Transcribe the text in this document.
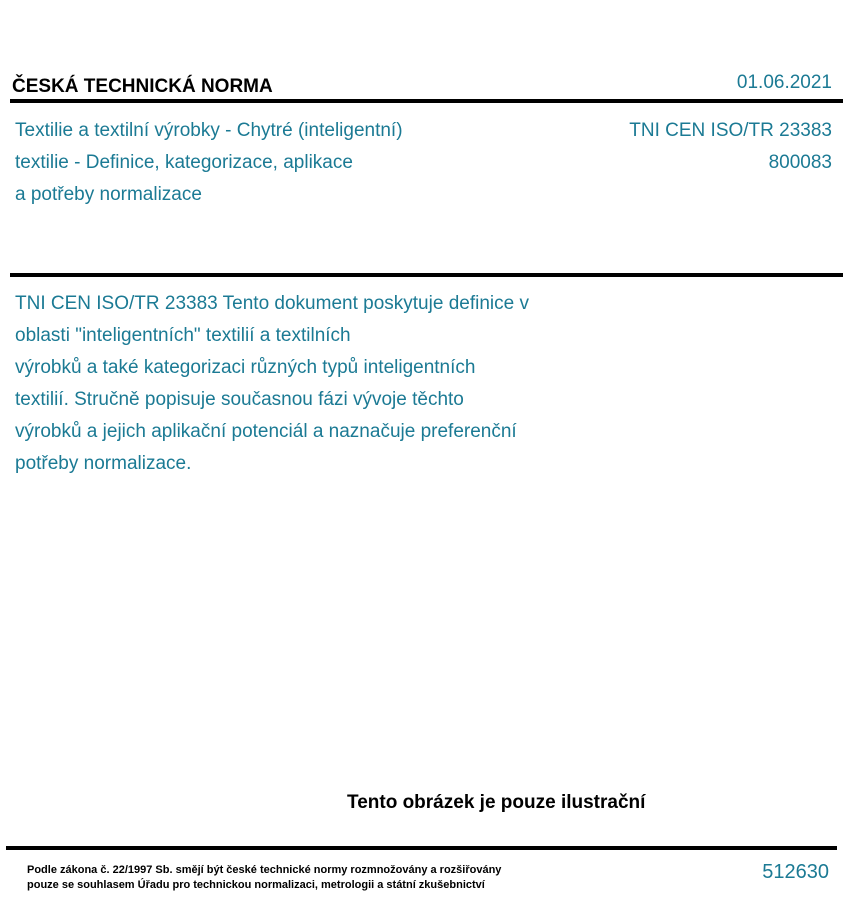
ČESKÁ TECHNICKÁ NORMA	01.06.2021
Textilie a textilní výrobky - Chytré (inteligentní)
textilie - Definice, kategorizace, aplikace
a potřeby normalizace
TNI CEN ISO/TR 23383
800083
TNI CEN ISO/TR 23383 Tento dokument poskytuje definice v
oblasti "inteligentních" textilií a textilních
výrobků a také kategorizaci různých typů inteligentních
textilií. Stručně popisuje současnou fázi vývoje těchto
výrobků a jejich aplikační potenciál a naznačuje preferenční
potřeby normalizace.
Tento obrázek je pouze ilustrační
Podle zákona č. 22/1997 Sb. smějí být české technické normy rozmnožovány a rozšiřovány
pouze se souhlasem Úřadu pro technickou normalizaci, metrologii a státní zkušebnictví
512630
